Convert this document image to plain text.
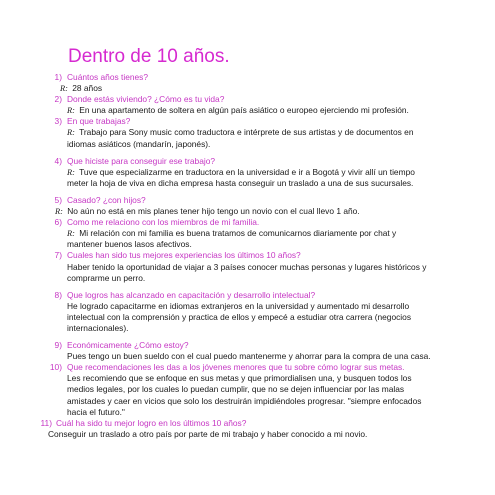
Dentro de 10 años.
1) Cuántos años tienes?
R: 28 años
2) Donde estás viviendo? ¿Cómo es tu vida?
R: En una apartamento de soltera en algún país asiático o europeo ejerciendo mi profesión.
3) En que trabajas?
R: Trabajo para Sony music como traductora e intérprete de sus artistas y de documentos en idiomas asiáticos (mandarín, japonés).
4) Que hiciste para conseguir ese trabajo?
R: Tuve que especializarme en traductora en la universidad e ir a Bogotá y vivir allí un tiempo meter la hoja de viva en dicha empresa hasta conseguir un traslado a una de sus sucursales.
5) Casado? ¿con hijos?
R: No aún no está en mis planes tener hijo tengo un novio con el cual llevo 1 año.
6) Como me relaciono con los miembros de mi familia.
R: Mi relación con mi familia es buena tratamos de comunicarnos diariamente por chat y mantener buenos lasos afectivos.
7) Cuales han sido tus mejores experiencias los últimos 10 años?
Haber tenido la oportunidad de viajar a 3 países conocer muchas personas y lugares históricos y comprarme un perro.
8) Que logros has alcanzado en capacitación y desarrollo intelectual?
He logrado capacitarme en idiomas extranjeros en la universidad y aumentado mi desarrollo intelectual con la comprensión y practica de ellos y empecé a estudiar otra carrera (negocios internacionales).
9) Económicamente ¿Cómo estoy?
Pues tengo un buen sueldo con el cual puedo mantenerme y ahorrar para la compra de una casa.
10) Que recomendaciones les das a los jóvenes menores que tu sobre cómo lograr sus metas.
Les recomiendo que se enfoque en sus metas y que primordialisen una, y busquen todos los medios legales, por los cuales lo puedan cumplir, que no se dejen influenciar por las malas amistades y caer en vicios que solo los destruirán impidiéndoles progresar. "siempre enfocados hacia el futuro."
11) Cuál ha sido tu mejor logro en los últimos 10 años?
Conseguir un traslado a otro país por parte de mi trabajo y haber conocido a mi novio.
